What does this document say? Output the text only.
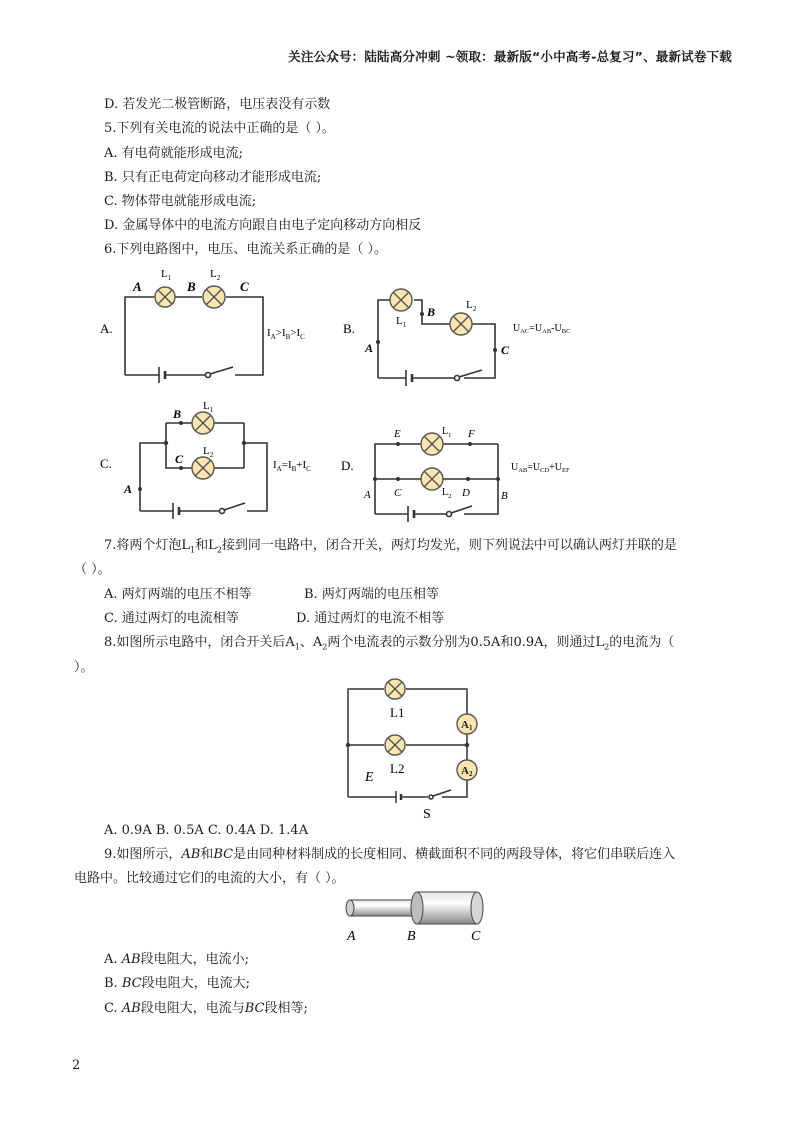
关注公众号：陆陆高分冲刺 ~领取：最新版“小中高考-总复习”、最新试卷下载
D. 若发光二极管断路，电压表没有示数
5.下列有关电流的说法中正确的是（ ）。
A. 有电荷就能形成电流;
B. 只有正电荷定向移动才能形成电流;
C. 物体带电就能形成电流;
D. 金属导体中的电流方向跟自由电子定向移动方向相反
6.下列电路图中，电压、电流关系正确的是（ ）。
A.
A	B	C
$L_1$	$L_2$
$I_A>I_B>I_C$
B.
A
B
C
$L_1$
$L_2$
$U_{AC}=U_{AB}-U_{BC}$
C.
A
B
C
$L_1$
$L_2$
$I_A=I_B+I_C$ D.
E	F
A C	D	B
$L_1$
$L_2$
$U_{AB}=U_{CD}+U_{EF}$
7.将两个灯泡$L_1$和$L_2$接到同一电路中，闭合开关，两灯均发光，则下列说法中可以确认两灯并联的是
（ ）。
A. 两灯两端的电压不相等	B. 两灯两端的电压相等
C. 通过两灯的电流相等	D. 通过两灯的电流不相等
8.如图所示电路中，闭合开关后$A_1$、$A_2$两个电流表的示数分别为0.5A和0.9A，则通过$L_2$的电流为（
）。
A1
A2
L1
L2
E
S
A. 0.9A B. 0.5A C. 0.4A D. 1.4A
9.如图所示，AB和BC是由同种材料制成的长度相同、横截面积不同的两段导体，将它们串联后连入
电路中。比较通过它们的电流的大小，有（ ）。
A	B	C
A. AB段电阻大，电流小;
B. BC段电阻大，电流大;
C. AB段电阻大，电流与BC段相等;
2
